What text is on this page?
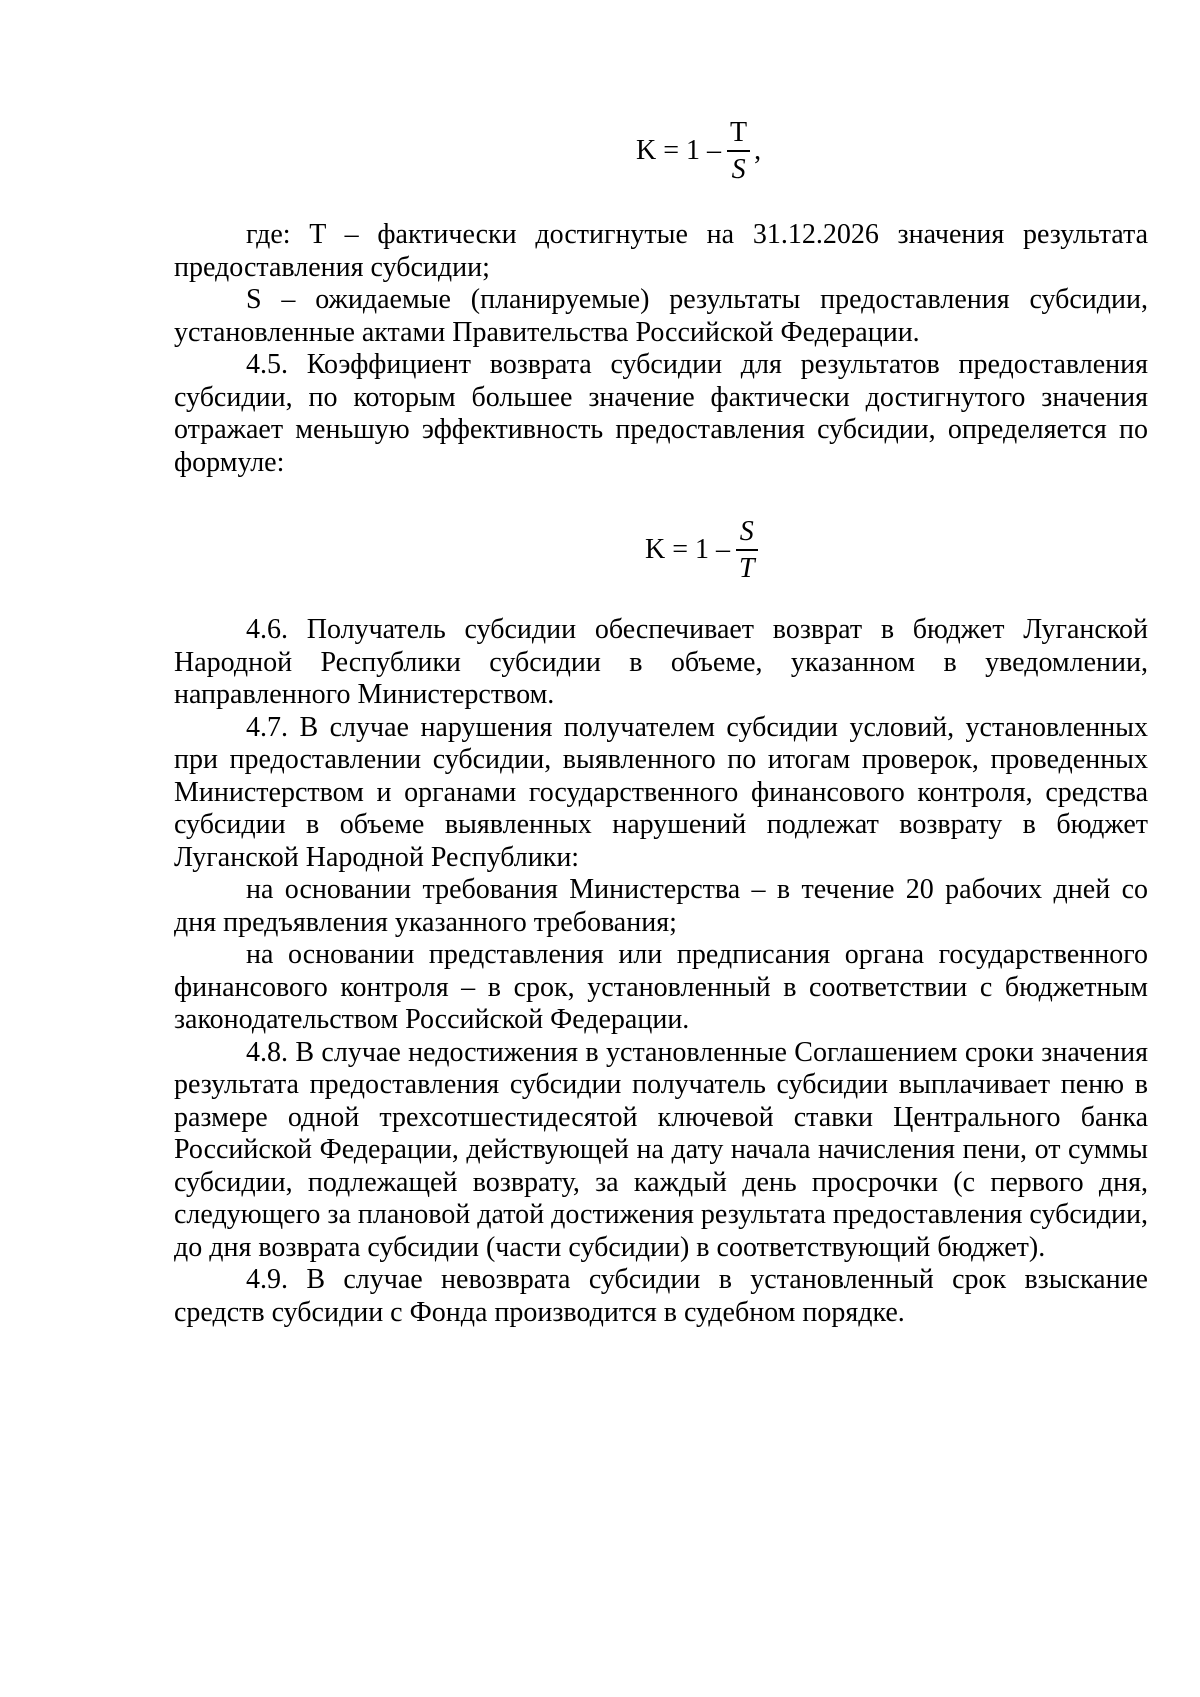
$K = 1 - \frac{T}{S}$ ,

где: T – фактически достигнутые на 31.12.2026 значения результата предоставления субсидии;

S – ожидаемые (планируемые) результаты предоставления субсидии, установленные актами Правительства Российской Федерации.

4.5. Коэффициент возврата субсидии для результатов предоставления субсидии, по которым большее значение фактически достигнутого значения отражает меньшую эффективность предоставления субсидии, определяется по формуле:

$K = 1 - \frac{S}{T}$

4.6. Получатель субсидии обеспечивает возврат в бюджет Луганской Народной Республики субсидии в объеме, указанном в уведомлении, направленного Министерством.

4.7. В случае нарушения получателем субсидии условий, установленных при предоставлении субсидии, выявленного по итогам проверок, проведенных Министерством и органами государственного финансового контроля, средства субсидии в объеме выявленных нарушений подлежат возврату в бюджет Луганской Народной Республики:

на основании требования Министерства – в течение 20 рабочих дней со дня предъявления указанного требования;

на основании представления или предписания органа государственного финансового контроля – в срок, установленный в соответствии с бюджетным законодательством Российской Федерации.

4.8. В случае недостижения в установленные Соглашением сроки значения результата предоставления субсидии получатель субсидии выплачивает пеню в размере одной трехсотшестидесятой ключевой ставки Центрального банка Российской Федерации, действующей на дату начала начисления пени, от суммы субсидии, подлежащей возврату, за каждый день просрочки (с первого дня, следующего за плановой датой достижения результата предоставления субсидии, до дня возврата субсидии (части субсидии) в соответствующий бюджет).

4.9. В случае невозврата субсидии в установленный срок взыскание средств субсидии с Фонда производится в судебном порядке.
